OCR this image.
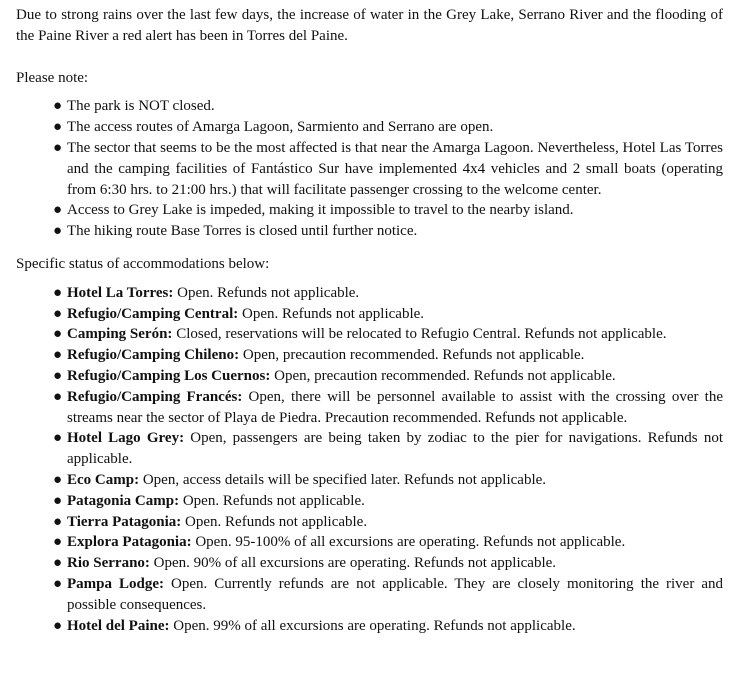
Due to strong rains over the last few days, the increase of water in the Grey Lake, Serrano River and the flooding of the Paine River a red alert has been in Torres del Paine.

Please note:

● The park is NOT closed.
● The access routes of Amarga Lagoon, Sarmiento and Serrano are open.
● The sector that seems to be the most affected is that near the Amarga Lagoon. Nevertheless, Hotel Las Torres and the camping facilities of Fantástico Sur have implemented 4x4 vehicles and 2 small boats (operating from 6:30 hrs. to 21:00 hrs.) that will facilitate passenger crossing to the welcome center.
● Access to Grey Lake is impeded, making it impossible to travel to the nearby island.
● The hiking route Base Torres is closed until further notice.

Specific status of accommodations below:

● Hotel La Torres: Open. Refunds not applicable.
● Refugio/Camping Central: Open. Refunds not applicable.
● Camping Serón: Closed, reservations will be relocated to Refugio Central. Refunds not applicable.
● Refugio/Camping Chileno: Open, precaution recommended. Refunds not applicable.
● Refugio/Camping Los Cuernos: Open, precaution recommended. Refunds not applicable.
● Refugio/Camping Francés: Open, there will be personnel available to assist with the crossing over the streams near the sector of Playa de Piedra. Precaution recommended. Refunds not applicable.
● Hotel Lago Grey: Open, passengers are being taken by zodiac to the pier for navigations. Refunds not applicable.
● Eco Camp: Open, access details will be specified later. Refunds not applicable.
● Patagonia Camp: Open. Refunds not applicable.
● Tierra Patagonia: Open. Refunds not applicable.
● Explora Patagonia: Open. 95-100% of all excursions are operating. Refunds not applicable.
● Rio Serrano: Open. 90% of all excursions are operating. Refunds not applicable.
● Pampa Lodge: Open. Currently refunds are not applicable. They are closely monitoring the river and possible consequences.
● Hotel del Paine: Open. 99% of all excursions are operating. Refunds not applicable.
